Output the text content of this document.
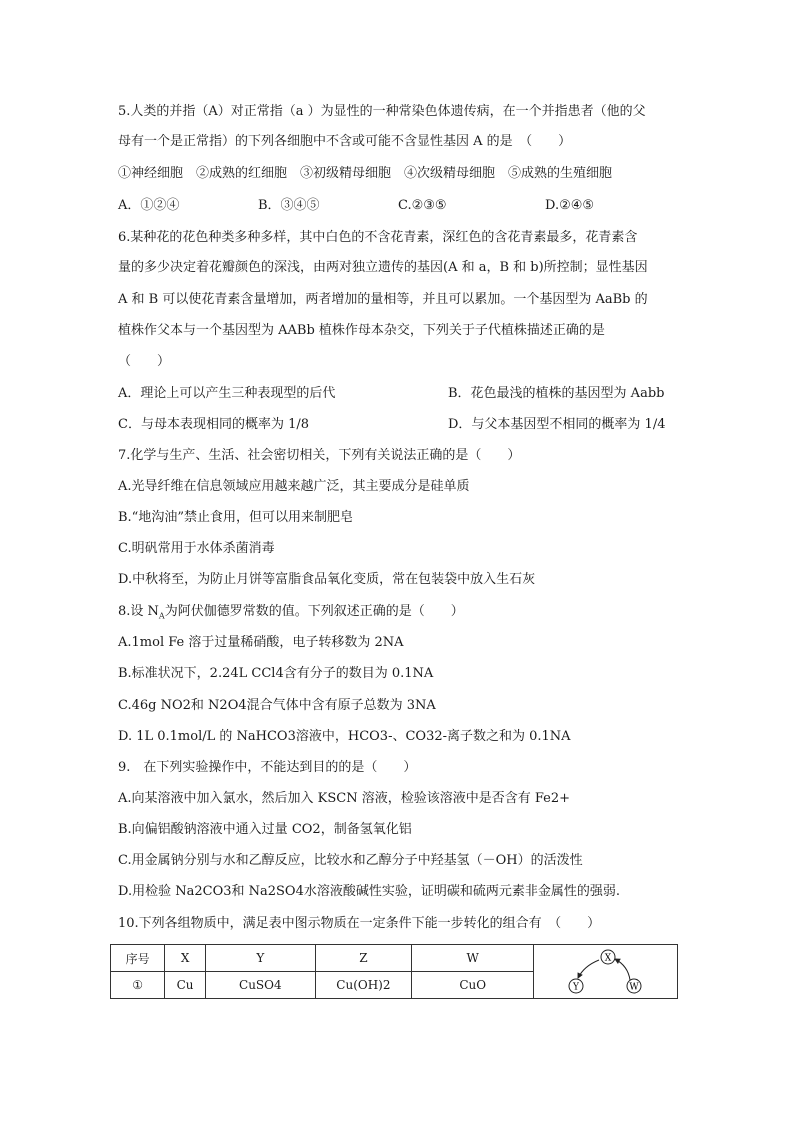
5.人类的并指（A）对正常指（a ）为显性的一种常染色体遗传病，在一个并指患者（他的父
母有一个是正常指）的下列各细胞中不含或可能不含显性基因 A 的是　（　　）
①神经细胞　②成熟的红细胞　③初级精母细胞　④次级精母细胞　⑤成熟的生殖细胞
A．①②④	B．③④⑤	C.②③⑤	D.②④⑤
6.某种花的花色种类多种多样，其中白色的不含花青素，深红色的含花青素最多，花青素含
量的多少决定着花瓣颜色的深浅，由两对独立遗传的基因(A 和 a，B 和 b)所控制；显性基因
A 和 B 可以使花青素含量增加，两者增加的量相等，并且可以累加。一个基因型为 AaBb 的
植株作父本与一个基因型为 AABb 植株作母本杂交，下列关于子代植株描述正确的是
（　　）
A．理论上可以产生三种表现型的后代	B．花色最浅的植株的基因型为 Aabb
C．与母本表现相同的概率为 1/8	D．与父本基因型不相同的概率为 1/4
7.化学与生产、生活、社会密切相关，下列有关说法正确的是（　　）
A.光导纤维在信息领域应用越来越广泛，其主要成分是硅单质
B.“地沟油”禁止食用，但可以用来制肥皂
C.明矾常用于水体杀菌消毒
D.中秋将至，为防止月饼等富脂食品氧化变质，常在包装袋中放入生石灰
8.设 $N_A$为阿伏伽德罗常数的值。下列叙述正确的是（　　）
A.1mol Fe 溶于过量稀硝酸，电子转移数为 2NA
B.标准状况下，2.24L CCl4含有分子的数目为 0.1NA
C.46g NO2和 N2O4混合气体中含有原子总数为 3NA
D. 1L 0.1mol/L 的 NaHCO3溶液中，HCO3-、CO32-离子数之和为 0.1NA
9.　在下列实验操作中，不能达到目的的是（　　）
A.向某溶液中加入氯水，然后加入 KSCN 溶液，检验该溶液中是否含有 Fe2+
B.向偏铝酸钠溶液中通入过量 CO2，制备氢氧化铝
C.用金属钠分别与水和乙醇反应，比较水和乙醇分子中羟基氢（－OH）的活泼性
D.用检验 Na2CO3和 Na2SO4水溶液酸碱性实验，证明碳和硫两元素非金属性的强弱.
10.下列各组物质中，满足表中图示物质在一定条件下能一步转化的组合有　（　　）
序号	X	Y	Z	W	
①	Cu	CuSO4	Cu(OH)2	CuO	
X
Y	W
